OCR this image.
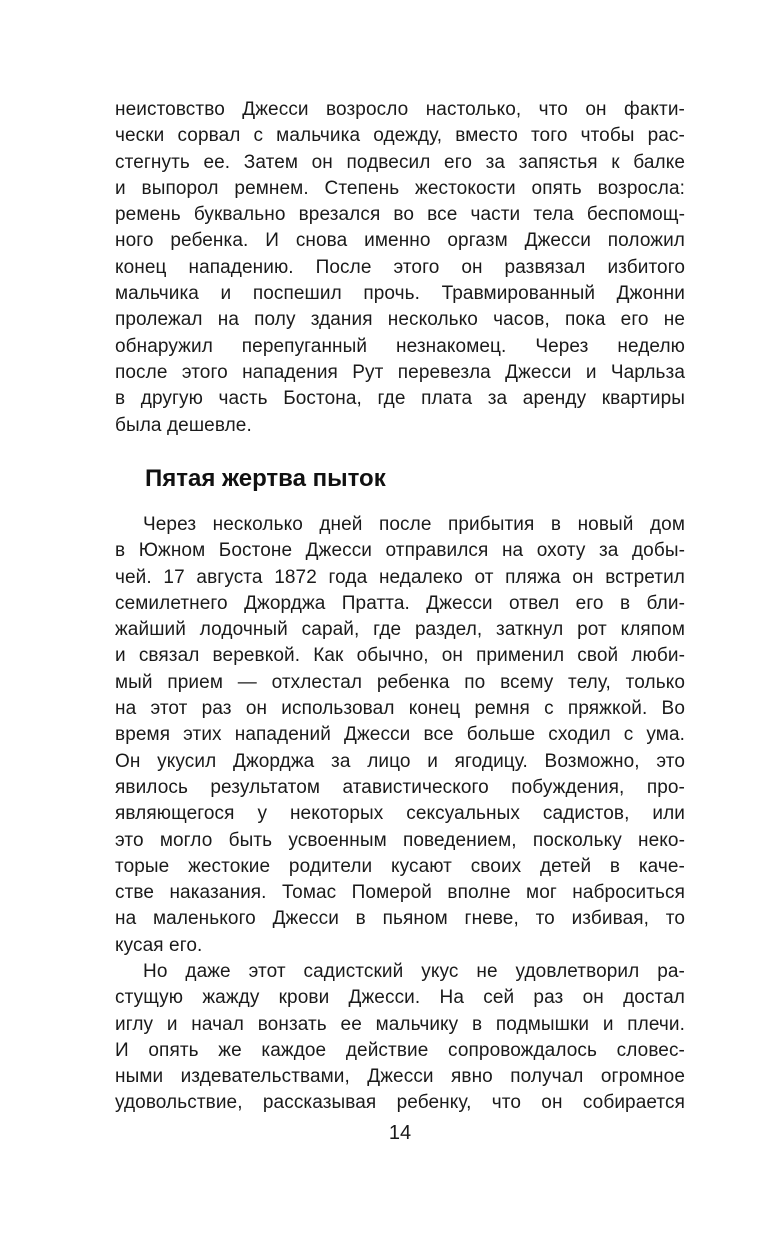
неистовство Джесси возросло настолько, что он факти-
чески сорвал с мальчика одежду, вместо того чтобы рас-
стегнуть ее. Затем он подвесил его за запястья к балке
и выпорол ремнем. Степень жестокости опять возросла:
ремень буквально врезался во все части тела беспомощ-
ного ребенка. И снова именно оргазм Джесси положил
конец нападению. После этого он развязал избитого
мальчика и поспешил прочь. Травмированный Джонни
пролежал на полу здания несколько часов, пока его не
обнаружил перепуганный незнакомец. Через неделю
после этого нападения Рут перевезла Джесси и Чарльза
в другую часть Бостона, где плата за аренду квартиры
была дешевле.
Пятая жертва пыток
Через несколько дней после прибытия в новый дом
в Южном Бостоне Джесси отправился на охоту за добы-
чей. 17 августа 1872 года недалеко от пляжа он встретил
семилетнего Джорджа Пратта. Джесси отвел его в бли-
жайший лодочный сарай, где раздел, заткнул рот кляпом
и связал веревкой. Как обычно, он применил свой люби-
мый прием — отхлестал ребенка по всему телу, только
на этот раз он использовал конец ремня с пряжкой. Во
время этих нападений Джесси все больше сходил с ума.
Он укусил Джорджа за лицо и ягодицу. Возможно, это
явилось результатом атавистического побуждения, про-
являющегося у некоторых сексуальных садистов, или
это могло быть усвоенным поведением, поскольку неко-
торые жестокие родители кусают своих детей в каче-
стве наказания. Томас Померой вполне мог наброситься
на маленького Джесси в пьяном гневе, то избивая, то
кусая его.
Но даже этот садистский укус не удовлетворил ра-
стущую жажду крови Джесси. На сей раз он достал
иглу и начал вонзать ее мальчику в подмышки и плечи.
И опять же каждое действие сопровождалось словес-
ными издевательствами, Джесси явно получал огромное
удовольствие, рассказывая ребенку, что он собирается
14
